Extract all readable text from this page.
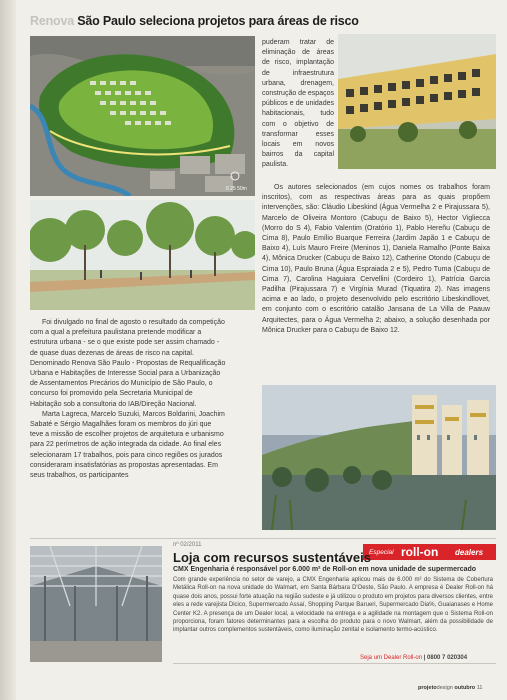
Renova São Paulo seleciona projetos para áreas de risco
0 25 50m

Foi divulgado no final de agosto o resultado da competição com a qual a prefeitura paulistana pretende modificar a estrutura urbana - se o que existe pode ser assim chamado - de quase duas dezenas de áreas de risco na capital. Denominado Renova São Paulo - Propostas de Requalificação Urbana e Habitações de Interesse Social para a Urbanização de Assentamentos Precários do Município de São Paulo, o concurso foi promovido pela Secretaria Municipal de Habitação sob a consultoria do IAB/Direção Nacional.

Marta Lagreca, Marcelo Suzuki, Marcos Boldarini, Joachim Sabaté e Sérgio Magalhães foram os membros do júri que teve a missão de escolher projetos de arquitetura e urbanismo para 22 perímetros de ação integrada da cidade. Ao final eles selecionaram 17 trabalhos, pois para cinco regiões os jurados consideraram insatisfatórias as propostas apresentadas. Em seus trabalhos, os participantes

puderam tratar de eliminação de áreas de risco, implantação de infraestrutura urbana, drenagem, construção de espaços públicos e de unidades habitacionais, tudo com o objetivo de transformar esses locais em novos bairros da capital paulista.

Os autores selecionados (em cujos nomes os trabalhos foram inscritos), com as respectivas áreas para as quais propõem intervenções, são: Cláudio Libeskind (Água Vermelha 2 e Pirajussara 5), Marcelo de Oliveira Montoro (Cabuçu de Baixo 5), Hector Vigliecca (Morro do S 4), Fabio Valentim (Oratório 1), Pablo Hereñu (Cabuçu de Cima 8), Paulo Emílio Buarque Ferreira (Jardim Japão 1 e Cabuçu de Baixo 4), Luís Mauro Freire (Meninos 1), Daniela Ramalho (Ponte Baixa 4), Mônica Drucker (Cabuçu de Baixo 12), Catherine Otondo (Cabuçu de Cima 10), Paulo Bruna (Água Espraiada 2 e 5), Pedro Tuma (Cabuçu de Cima 7), Carolina Haguiara Cervellini (Cordeiro 1), Patrícia Garcia Padilha (Pirajussara 7) e Virgínia Murad (Tiquatira 2). Nas imagens acima e ao lado, o projeto desenvolvido pelo escritório Libeskindllovet, em conjunto com o escritório catalão Jansana de La Villa de Paauw Arquitectes, para o Água Vermelha 2; abaixo, a solução desenhada por Mônica Drucker para o Cabuçu de Baixo 12.

nº 02/2011
Especial roll-on dealers
Loja com recursos sustentáveis

CMX Engenharia é responsável por 6.000 m² de Roll-on em nova unidade de supermercado

Com grande experiência no setor de varejo, a CMX Engenharia aplicou mais de 6.000 m² do Sistema de Cobertura Metálica Roll-on na nova unidade do Walmart, em Santa Bárbara D'Oeste, São Paulo. A empresa é Dealer Roll-on há quase dois anos, possui forte atuação na região sudeste e já utilizou o produto em projetos para diversos clientes, entre eles a rede varejista Dicico, Supermercado Assaí, Shopping Parque Barueri, Supermercado Dia%, Guaianases e Home Center K2. A presença de um Dealer local, a velocidade na entrega e a agilidade na montagem que o Sistema Roll-on proporciona, foram fatores determinantes para a escolha do produto para o novo Walmart, além da possibilidade de implantar outros complementos sustentáveis, como iluminação zenital e isolamento termo-acústico.

Seja um Dealer Roll-on | 0800 7 020304
projetodesign outubro 11
